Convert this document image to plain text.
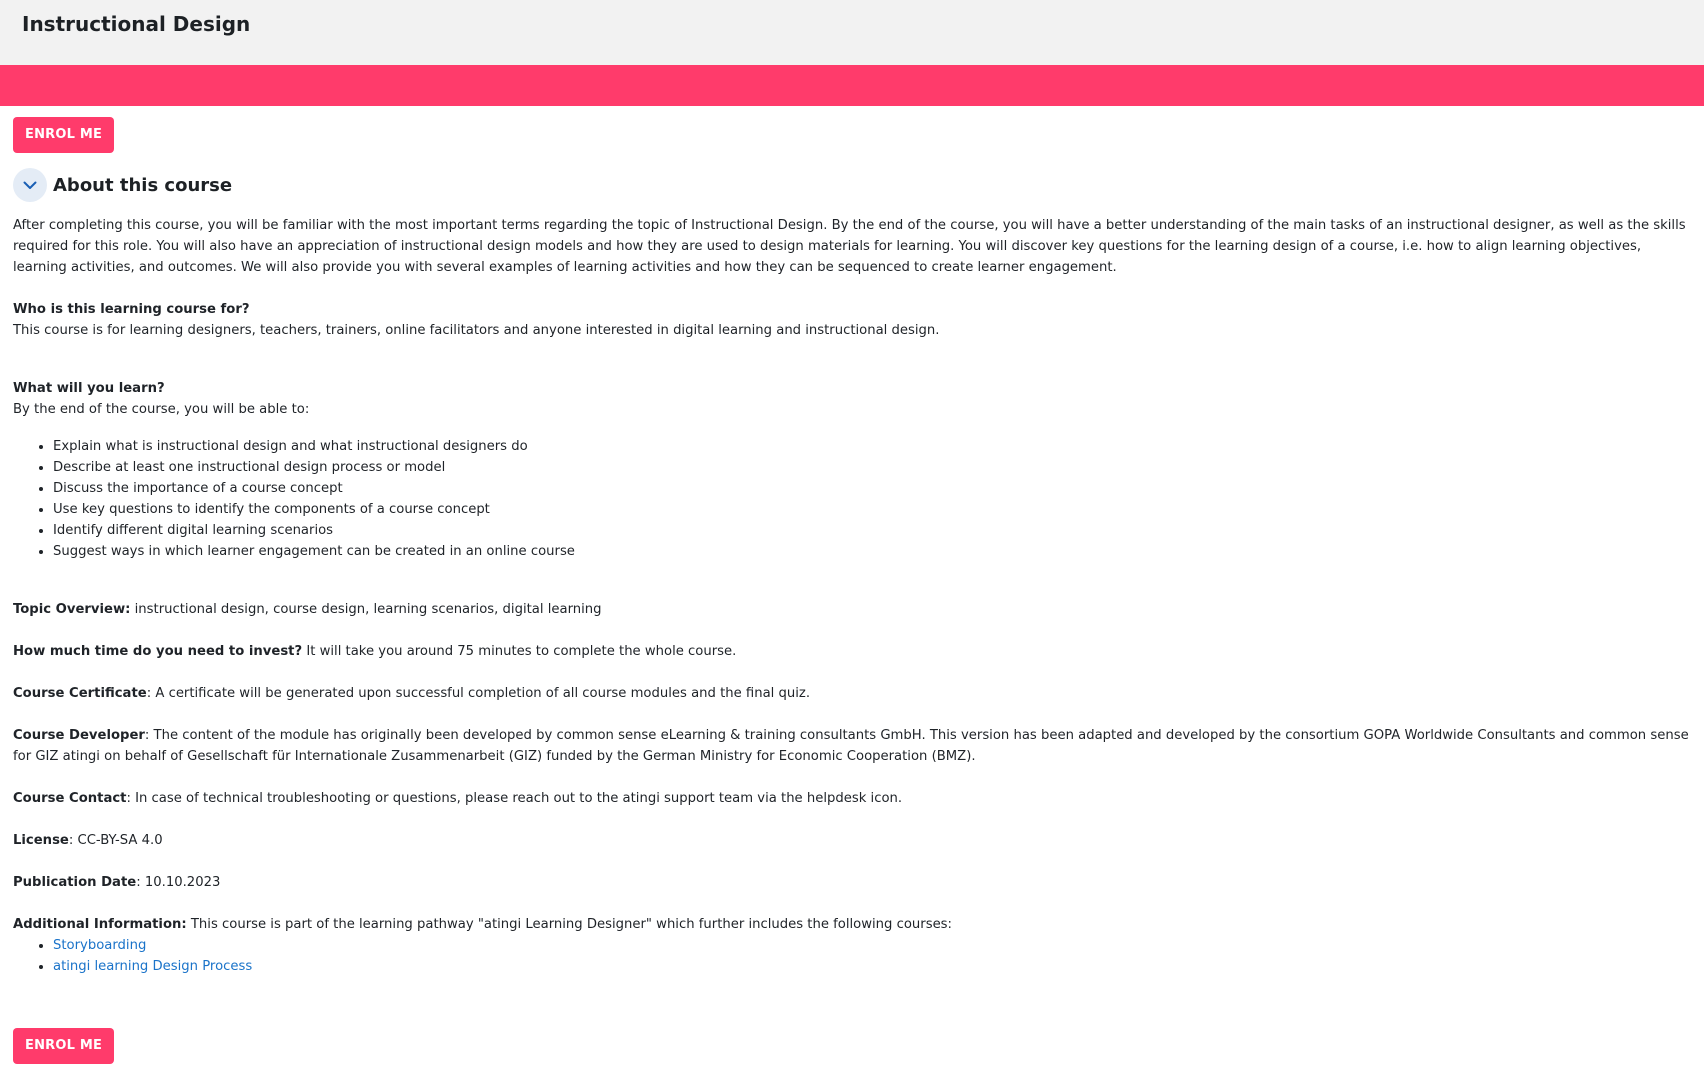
Instructional Design
ENROL ME
About this course

After completing this course, you will be familiar with the most important terms regarding the topic of Instructional Design. By the end of the course, you will have a better understanding of the main tasks of an instructional designer, as well as the skills required for this role. You will also have an appreciation of instructional design models and how they are used to design materials for learning. You will discover key questions for the learning design of a course, i.e. how to align learning objectives, learning activities, and outcomes. We will also provide you with several examples of learning activities and how they can be sequenced to create learner engagement.

Who is this learning course for?
This course is for learning designers, teachers, trainers, online facilitators and anyone interested in digital learning and instructional design.
What will you learn?
By the end of the course, you will be able to:
• Explain what is instructional design and what instructional designers do
• Describe at least one instructional design process or model
• Discuss the importance of a course concept
• Use key questions to identify the components of a course concept
• Identify different digital learning scenarios
• Suggest ways in which learner engagement can be created in an online course

Topic Overview: instructional design, course design, learning scenarios, digital learning

How much time do you need to invest? It will take you around 75 minutes to complete the whole course.

Course Certificate: A certificate will be generated upon successful completion of all course modules and the final quiz.

Course Developer: The content of the module has originally been developed by common sense eLearning & training consultants GmbH. This version has been adapted and developed by the consortium GOPA Worldwide Consultants and common sense for GIZ atingi on behalf of Gesellschaft für Internationale Zusammenarbeit (GIZ) funded by the German Ministry for Economic Cooperation (BMZ).

Course Contact: In case of technical troubleshooting or questions, please reach out to the atingi support team via the helpdesk icon.

License: CC-BY-SA 4.0

Publication Date: 10.10.2023

Additional Information: This course is part of the learning pathway "atingi Learning Designer" which further includes the following courses:

• Storyboarding
• atingi learning Design Process
ENROL ME
